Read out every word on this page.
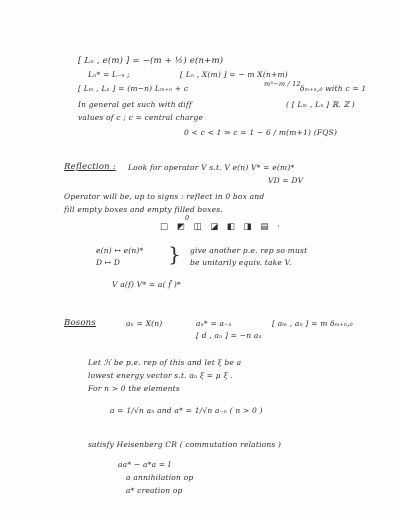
[ Lₙ , e(m) ] = −(m + ½) e(n+m)
Lₙ* = L₋ₙ ;	[ Lₙ , X(m) ] = − m X(n+m)
[ Lₘ , Lₙ ] = (m−n) Lₘ₊ₙ + c	m³−m / 12 δₘ₊ₙ,₀ with c = 1
In general get such with diff	( [ Lₘ , Lₙ ] ℝ, ℤ )
values of c ; c = central charge
0 < c < 1 ⇒ c = 1 − 6 / m(m+1) (FQS)
Reflection : Look for operator V s.t. V e(n) V* = e(m)*
VD = DV
Operator will be, up to signs : reflect in 0 box and
fill empty boxes and empty filled boxes.
0
□ ◩ ◫ ◪ ◧ ◨ ▤ ·
e(n) ↦ e(n)*
D ↦ D } give another p.e. rep so must
be unitarily equiv. take V.
V a(f) V* = a( f̄ )*
Bosons	aₙ = X(n)	aₙ* = a₋ₙ	[ aₘ , aₙ ] = m δₘ₊ₙ,₀
[ d , aₙ ] = −n aₙ
Let ℋ be p.e. rep of this and let ξ be a
lowest energy vector s.t. aₙ ξ = μ ξ .
For n > 0 the elements
a = 1/√n aₙ and a* = 1/√n a₋ₙ ( n > 0 )
satisfy Heisenberg CR ( commutation relations )
aa* − a*a = I
a annihilation op
a* creation op
